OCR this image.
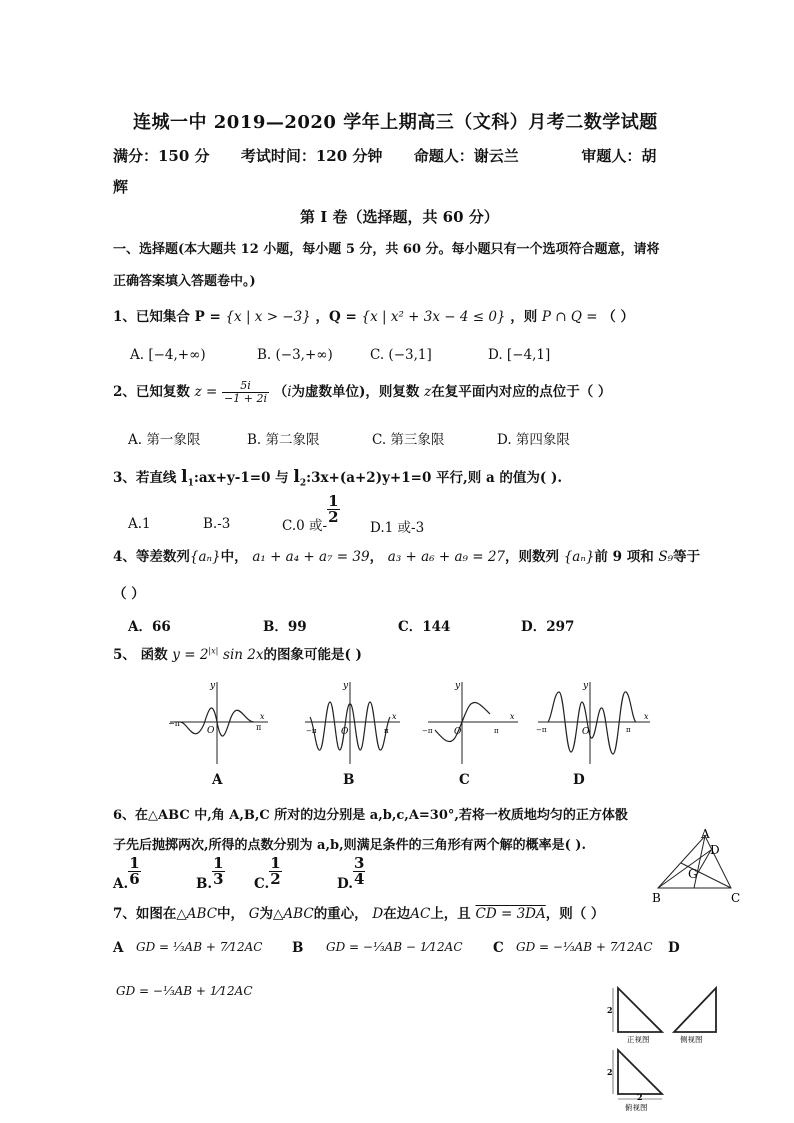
连城一中 2019—2020 学年上期高三（文科）月考二数学试题
满分：150 分      考试时间：120 分钟      命题人：谢云兰            审题人：胡
辉
第 I 卷（选择题，共 60 分）
一、选择题(本大题共 12 小题，每小题 5 分，共 60 分。每小题只有一个选项符合题意，请将
正确答案填入答题卷中。)
1、已知集合 P = {x | x > −3} ，Q = {x | x² + 3x − 4 ≤ 0} ，则 P ∩ Q = （ ）
A. [−4,+∞)	B. (−3,+∞)	C. (−3,1]	D. [−4,1]
2、已知复数 $z = \frac{5i}{-1 + 2i} (i$为虚数单位)，则复数 z在复平面内对应的点位于（ ）
A. 第一象限	B. 第二象限	C. 第三象限	D. 第四象限
3、若直线 $l_1:ax+y-1=0$ 与 $l_2:3x+(a+2)y+1=0$ 平行,则 a 的值为( ).
A.1	B.-3	C.0 或-
$\frac{1}{2}$
D.1 或-3
4、等差数列{aₙ}中， a₁ + a₄ + a₇ = 39， a₃ + a₆ + a₉ = 27，则数列 {aₙ}前 9 项和 S₉等于
（ ）
A．66	B．99	C．144	D．297
5、 函数 $y = 2^{|x|}$ sin 2x的图象可能是( )
y
x
O
−π	π
y
x
O
−π	π
y
x
O
−π	π
y
x
O
−π	π
A	B	C	D
6、在△ABC 中,角 A,B,C 所对的边分别是 a,b,c,A=30°,若将一枚质地均匀的正方体骰
子先后抛掷两次,所得的点数分别为 a,b,则满足条件的三角形有两个解的概率是( ).
A. $\frac{1}{6}$	B. $\frac{1}{3} C$. $\frac{1}{2}$	D. $\frac{3}{4}$
A
D
G
B	C
7、如图在△ABC中， G为△ABC的重心， D在边AC上，且 CD = 3DA，则（ ）
A GD = ⅓AB + 7⁄12AC B GD = −⅓AB − 1⁄12AC C GD = −⅓AB + 7⁄12AC D
GD = −⅓AB + 1⁄12AC
2
正视图	侧视图
2
2
俯视图
